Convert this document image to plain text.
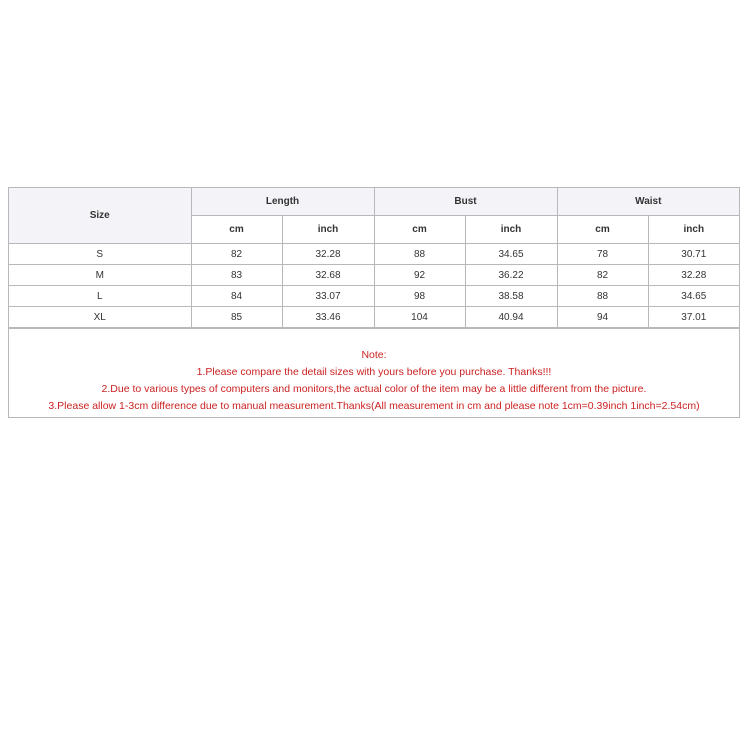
Size	Length		Bust		Waist	
	cm	inch	cm	inch	cm	inch
S	82	32.28	88	34.65	78	30.71
M	83	32.68	92	36.22	82	32.28
L	84	33.07	98	38.58	88	34.65
XL	85	33.46	104	40.94	94	37.01
Note:
1.Please compare the detail sizes with yours before you purchase. Thanks!!!
2.Due to various types of computers and monitors,the actual color of the item may be a little different from the picture.
3.Please allow 1-3cm difference due to manual measurement.Thanks(All measurement in cm and please note 1cm=0.39inch 1inch=2.54cm)
